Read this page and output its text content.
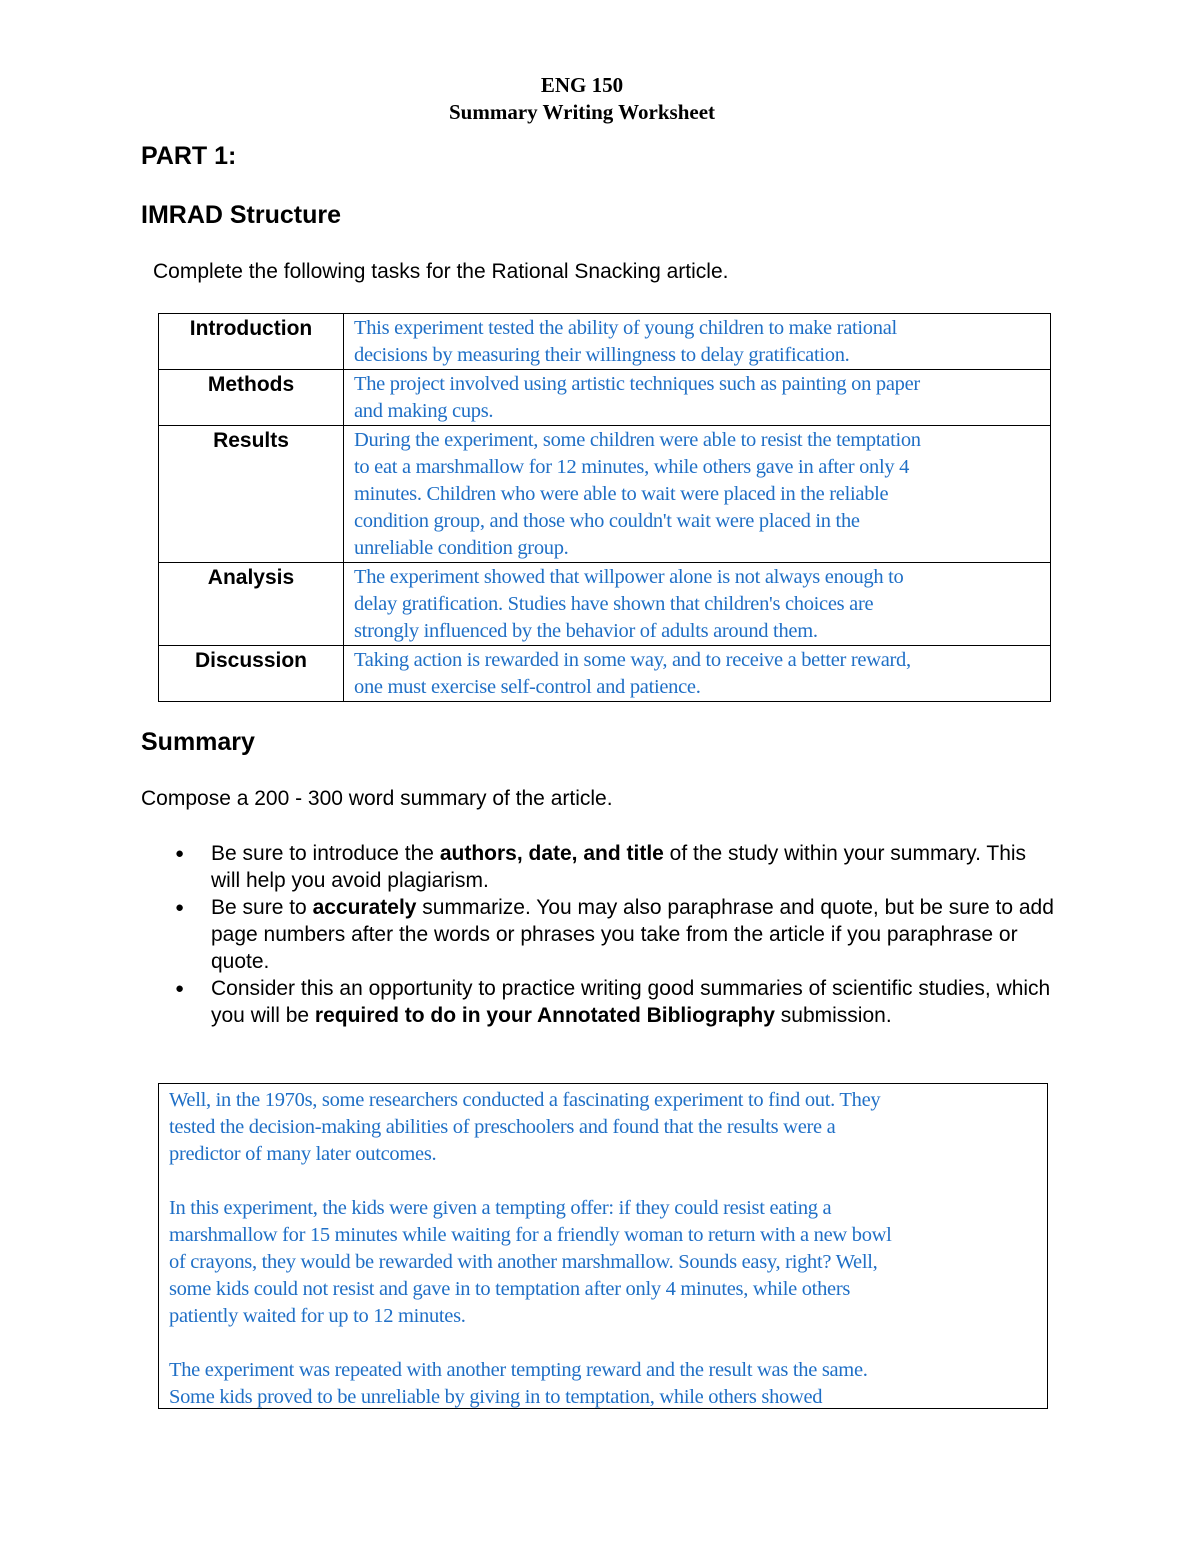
ENG 150
Summary Writing Worksheet
PART 1:
IMRAD Structure
Complete the following tasks for the Rational Snacking article.
Introduction	This experiment tested the ability of young children to make rational
decisions by measuring their willingness to delay gratification.

Methods	The project involved using artistic techniques such as painting on paper
and making cups.

Results	During the experiment, some children were able to resist the temptation
to eat a marshmallow for 12 minutes, while others gave in after only 4
minutes. Children who were able to wait were placed in the reliable
condition group, and those who couldn't wait were placed in the
unreliable condition group.

Analysis	The experiment showed that willpower alone is not always enough to
delay gratification. Studies have shown that children's choices are
strongly influenced by the behavior of adults around them.

Discussion	Taking action is rewarded in some way, and to receive a better reward,
one must exercise self-control and patience.
Summary
Compose a 200 - 300 word summary of the article.
● Be sure to introduce the authors, date, and title of the study within your summary. This will help you avoid plagiarism.
● Be sure to accurately summarize. You may also paraphrase and quote, but be sure to add page numbers after the words or phrases you take from the article if you paraphrase or quote.
● Consider this an opportunity to practice writing good summaries of scientific studies, which you will be required to do in your Annotated Bibliography submission.
Well, in the 1970s, some researchers conducted a fascinating experiment to find out. They
tested the decision-making abilities of preschoolers and found that the results were a
predictor of many later outcomes.
In this experiment, the kids were given a tempting offer: if they could resist eating a
marshmallow for 15 minutes while waiting for a friendly woman to return with a new bowl
of crayons, they would be rewarded with another marshmallow. Sounds easy, right? Well,
some kids could not resist and gave in to temptation after only 4 minutes, while others
patiently waited for up to 12 minutes.
The experiment was repeated with another tempting reward and the result was the same.
Some kids proved to be unreliable by giving in to temptation, while others showed
